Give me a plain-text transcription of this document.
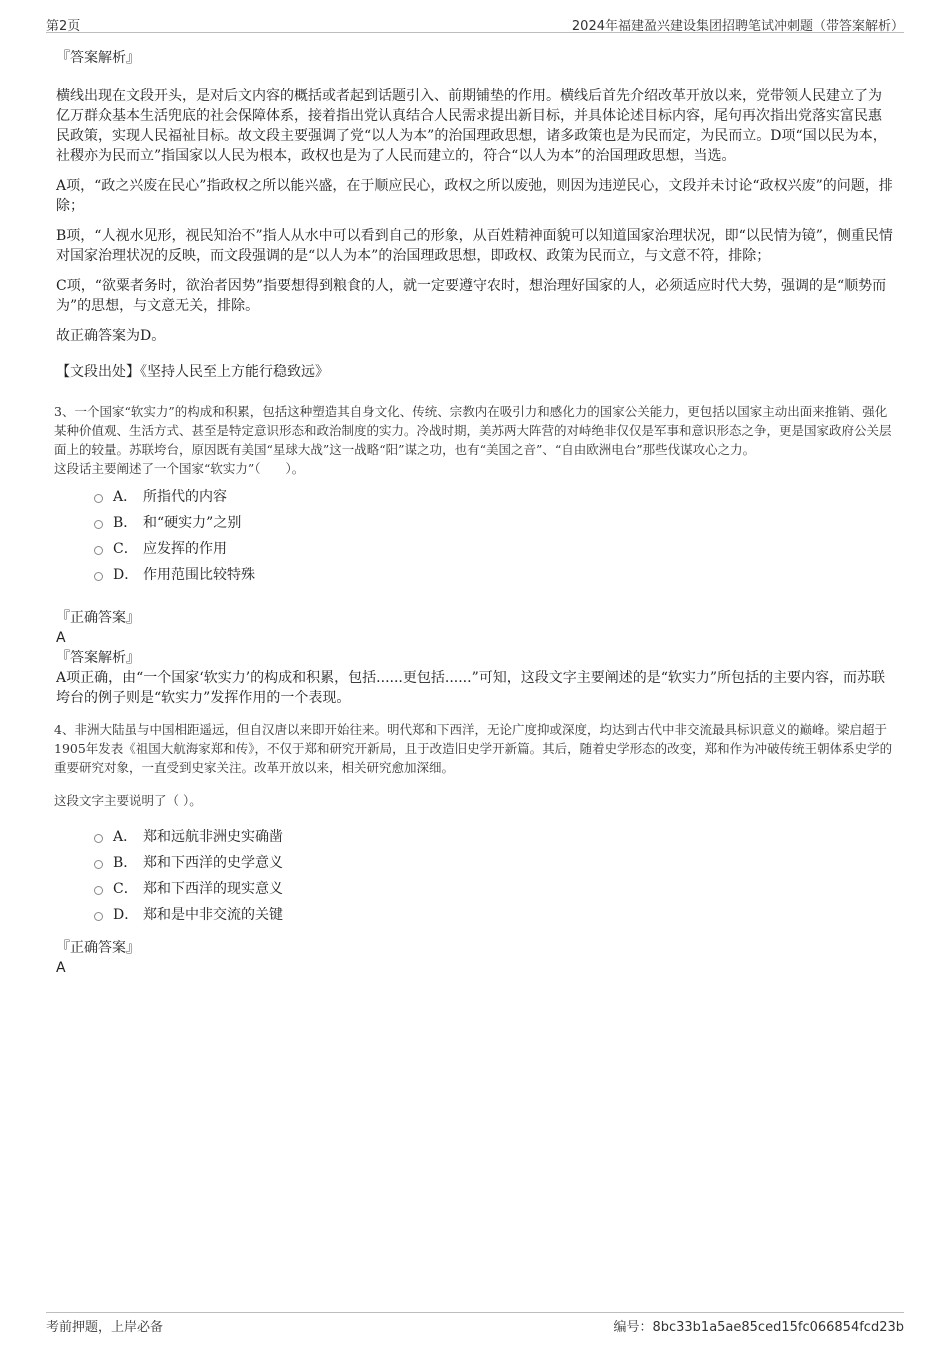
第2页	2024年福建盈兴建设集团招聘笔试冲刺题（带答案解析）
『答案解析』

横线出现在文段开头，是对后文内容的概括或者起到话题引入、前期铺垫的作用。横线后首先介绍改革开放以来，党带领人民建立了为亿万群众基本生活兜底的社会保障体系，接着指出党认真结合人民需求提出新目标，并具体论述目标内容，尾句再次指出党落实富民惠民政策，实现人民福祉目标。故文段主要强调了党“以人为本”的治国理政思想，诸多政策也是为民而定，为民而立。D项“国以民为本，社稷亦为民而立”指国家以人民为根本，政权也是为了人民而建立的，符合“以人为本”的治国理政思想，当选。

A项，“政之兴废在民心”指政权之所以能兴盛，在于顺应民心，政权之所以废弛，则因为违逆民心，文段并未讨论“政权兴废”的问题，排除；

B项，“人视水见形，视民知治不”指人从水中可以看到自己的形象，从百姓精神面貌可以知道国家治理状况，即“以民情为镜”，侧重民情对国家治理状况的反映，而文段强调的是“以人为本”的治国理政思想，即政权、政策为民而立，与文意不符，排除；

C项，“欲粟者务时，欲治者因势”指要想得到粮食的人，就一定要遵守农时，想治理好国家的人，必须适应时代大势，强调的是“顺势而为”的思想，与文意无关，排除。

故正确答案为D。

【文段出处】《坚持人民至上方能行稳致远》

3、一个国家“软实力”的构成和积累，包括这种塑造其自身文化、传统、宗教内在吸引力和感化力的国家公关能力，更包括以国家主动出面来推销、强化某种价值观、生活方式、甚至是特定意识形态和政治制度的实力。冷战时期，美苏两大阵营的对峙绝非仅仅是军事和意识形态之争，更是国家政府公关层面上的较量。苏联垮台，原因既有美国“星球大战”这一战略“阳”谋之功，也有“美国之音”、“自由欧洲电台”那些伐谋攻心之力。

这段话主要阐述了一个国家“软实力”（　　）。

A． 所指代的内容
B． 和“硬实力”之别
C． 应发挥的作用
D． 作用范围比较特殊
『正确答案』
A
『答案解析』

A项正确，由“一个国家‘软实力’的构成和积累，包括......更包括......”可知，这段文字主要阐述的是“软实力”所包括的主要内容，而苏联垮台的例子则是“软实力”发挥作用的一个表现。

4、非洲大陆虽与中国相距遥远，但自汉唐以来即开始往来。明代郑和下西洋，无论广度抑或深度，均达到古代中非交流最具标识意义的巅峰。梁启超于1905年发表《祖国大航海家郑和传》，不仅于郑和研究开新局，且于改造旧史学开新篇。其后，随着史学形态的改变，郑和作为冲破传统王朝体系史学的重要研究对象，一直受到史家关注。改革开放以来，相关研究愈加深细。

这段文字主要说明了（ ）。

A． 郑和远航非洲史实确凿
B． 郑和下西洋的史学意义
C． 郑和下西洋的现实意义
D． 郑和是中非交流的关键
『正确答案』
A
考前押题，上岸必备	编号：8bc33b1a5ae85ced15fc066854fcd23b
